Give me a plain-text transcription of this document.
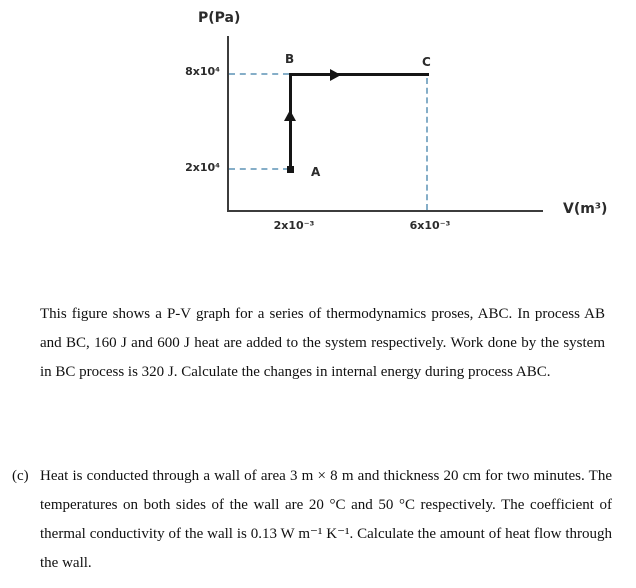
P(Pa)
8x10⁴
2x10⁴
B	C
A
2x10⁻³	6x10⁻³
V(m³)
This figure shows a P-V graph for a series of thermodynamics proses, ABC. In process AB and BC, 160 J and 600 J heat are added to the system respectively. Work done by the system in BC process is 320 J. Calculate the changes in internal energy during process ABC.
(c) Heat is conducted through a wall of area 3 m × 8 m and thickness 20 cm for two minutes. The temperatures on both sides of the wall are 20 °C and 50 °C respectively. The coefficient of thermal conductivity of the wall is 0.13 W m⁻¹ K⁻¹. Calculate the amount of heat flow through the wall.
